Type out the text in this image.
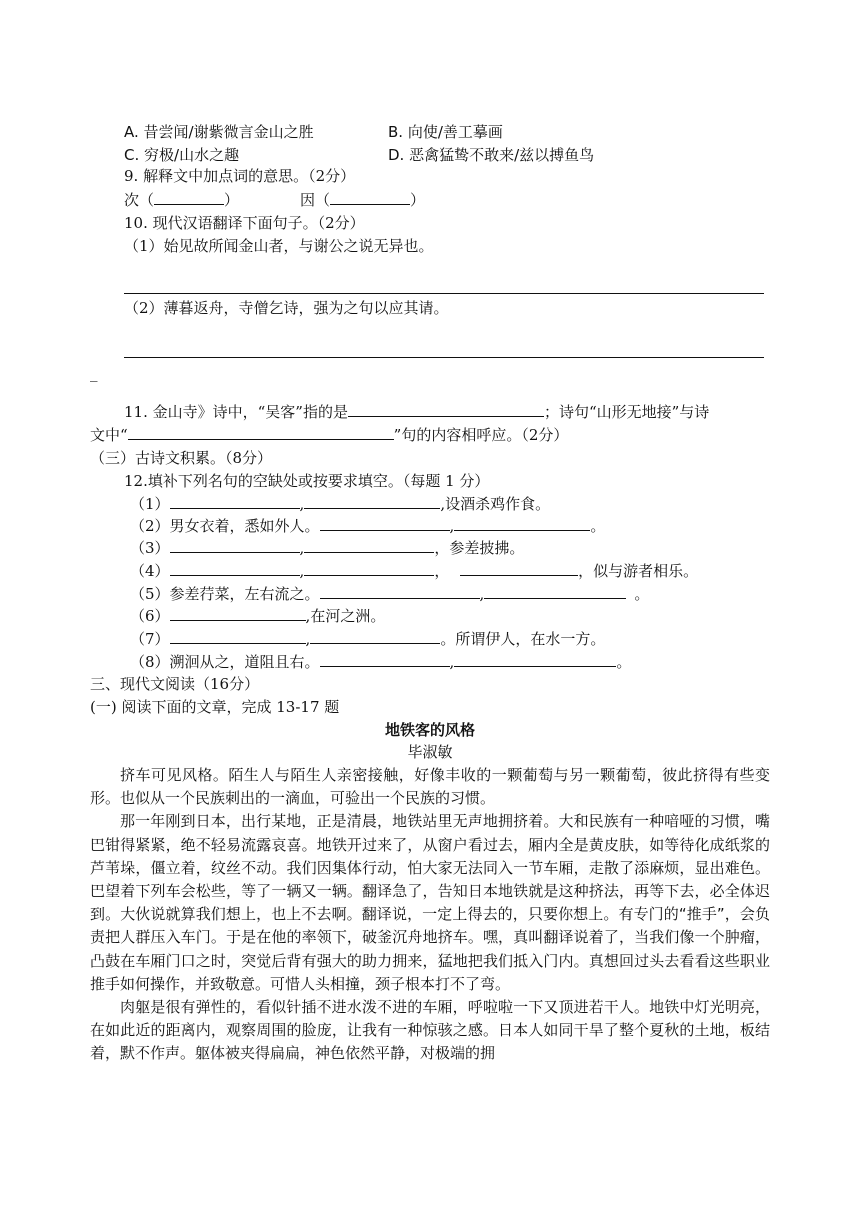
A. 昔尝闻/谢紫微言金山之胜	B. 向使/善工摹画
C. 穷极/山水之趣	D. 恶禽猛鸷不敢来/兹以搏鱼鸟
9. 解释文中加点词的意思。（2分）
次（	）	因（	）
10. 现代汉语翻译下面句子。（2分）
（1）始见故所闻金山者，与谢公之说无异也。
（2）薄暮返舟，寺僧乞诗，强为之句以应其请。
_
11. 金山寺》诗中，“吴客”指的是	；诗句“山形无地接”与诗
文中“	”句的内容相呼应。（2分）
（三）古诗文积累。（8分）
12.填补下列名句的空缺处或按要求填空。（每题 1 分）
（1）	,	,设酒杀鸡作食。
（2）男女衣着，悉如外人。	,	。
（3）	,	，参差披拂。
（4）	,	，	，似与游者相乐。
（5）参差荇菜，左右流之。	,	。
（6）	,在河之洲。
（7）	,	。所谓伊人，在水一方。
（8）溯洄从之，道阻且右。	,	。
三、现代文阅读（16分）
(一) 阅读下面的文章，完成 13-17 题
地铁客的风格
毕淑敏

挤车可见风格。陌生人与陌生人亲密接触，好像丰收的一颗葡萄与另一颗葡萄，彼此挤得有些变形。也似从一个民族刺出的一滴血，可验出一个民族的习惯。

那一年刚到日本，出行某地，正是清晨，地铁站里无声地拥挤着。大和民族有一种喑哑的习惯，嘴巴钳得紧紧，绝不轻易流露哀喜。地铁开过来了，从窗户看过去，厢内全是黄皮肤，如等待化成纸浆的芦苇垛，僵立着，纹丝不动。我们因集体行动，怕大家无法同入一节车厢，走散了添麻烦，显出难色。巴望着下列车会松些，等了一辆又一辆。翻译急了，告知日本地铁就是这种挤法，再等下去，必全体迟到。大伙说就算我们想上，也上不去啊。翻译说，一定上得去的，只要你想上。有专门的“推手”，会负责把人群压入车门。于是在他的率领下，破釜沉舟地挤车。嘿，真叫翻译说着了，当我们像一个肿瘤，凸鼓在车厢门口之时，突觉后背有强大的助力拥来，猛地把我们抵入门内。真想回过头去看看这些职业推手如何操作，并致敬意。可惜人头相撞，颈子根本打不了弯。

肉躯是很有弹性的，看似针插不进水泼不进的车厢，呼啦啦一下又顶进若干人。地铁中灯光明亮，在如此近的距离内，观察周围的脸庞，让我有一种惊骇之感。日本人如同干旱了整个夏秋的土地，板结着，默不作声。躯体被夹得扁扁，神色依然平静，对极端的拥
